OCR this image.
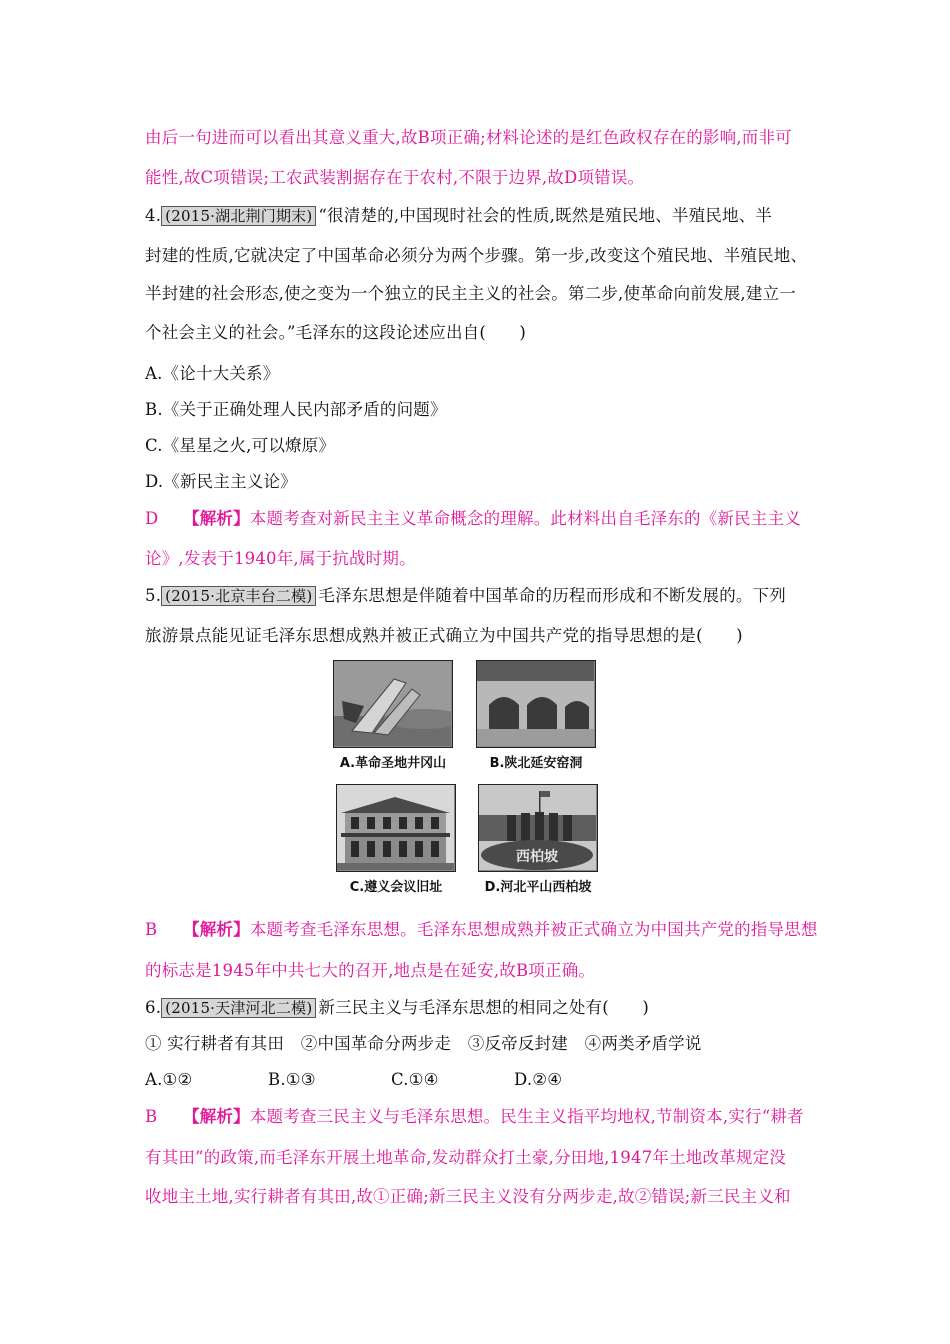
由后一句进而可以看出其意义重大,故B项正确;材料论述的是红色政权存在的影响,而非可
能性,故C项错误;工农武装割据存在于农村,不限于边界,故D项错误。
4. (2015·湖北荆门期末) “很清楚的,中国现时社会的性质,既然是殖民地、半殖民地、半
封建的性质,它就决定了中国革命必须分为两个步骤。第一步,改变这个殖民地、半殖民地、
半封建的社会形态,使之变为一个独立的民主主义的社会。第二步,使革命向前发展,建立一
个社会主义的社会。”毛泽东的这段论述应出自(　　)
A.《论十大关系》
B.《关于正确处理人民内部矛盾的问题》
C.《星星之火,可以燎原》
D.《新民主主义论》
D 【解析】本题考查对新民主主义革命概念的理解。此材料出自毛泽东的《新民主主义
论》,发表于1940年,属于抗战时期。
5. (2015·北京丰台二模) 毛泽东思想是伴随着中国革命的历程而形成和不断发展的。下列
旅游景点能见证毛泽东思想成熟并被正式确立为中国共产党的指导思想的是(　　)
A.革命圣地井冈山	B.陕北延安窑洞
C.遵义会议旧址
西柏坡
D.河北平山西柏坡
B 【解析】本题考查毛泽东思想。毛泽东思想成熟并被正式确立为中国共产党的指导思想
的标志是1945年中共七大的召开,地点是在延安,故B项正确。
6. (2015·天津河北二模) 新三民主义与毛泽东思想的相同之处有(　　)
① 实行耕者有其田　②中国革命分两步走　③反帝反封建　④两类矛盾学说
A.①②	B.①③	C.①④	D.②④
B 【解析】本题考查三民主义与毛泽东思想。民生主义指平均地权,节制资本,实行“耕者
有其田”的政策,而毛泽东开展土地革命,发动群众打土豪,分田地,1947年土地改革规定没
收地主土地,实行耕者有其田,故①正确;新三民主义没有分两步走,故②错误;新三民主义和
